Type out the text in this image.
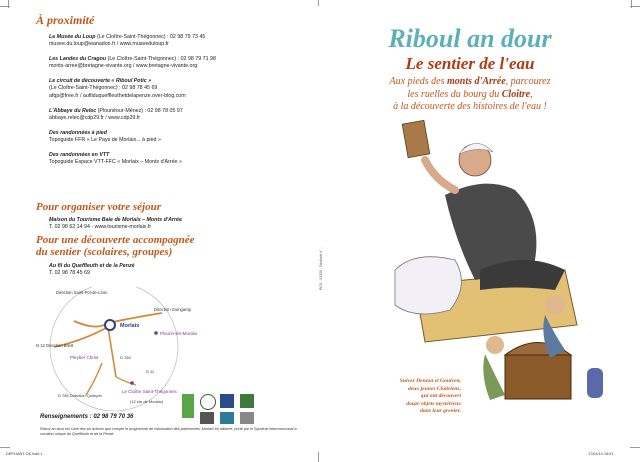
À proximité

Le Musée du Loup (Le Cloître-Saint-Thégonnec) : 02 98 79 73 45
musee.du.loup@wanadoo.fr / www.museeduloup.fr
Les Landes du Cragou (Le Cloître-Saint-Thégonnec) : 02 98 79 71 98
monts-arree@bretagne-vivante.org / www.bretagne-vivante.org
Le circuit de découverte « Riboul Potic »
(Le Cloître-Saint-Thégonnec) : 02 98 78 45 69
afqp@free.fr / aufilduqueffleuthetdelapenze.over-blog.com
L'Abbaye du Relec (Plounéour-Ménez) : 02 98 78 05 97
abbaye.relec@cdp29.fr / www.cdp29.fr
Des randonnées à pied
Topoguide FFR « Le Pays de Morlaix... à pied »
Des randonnées en VTT
Topoguide Espace VTT-FFC « Morlaix – Monts d'Arrée »

Pour organiser votre séjour

Maison du Tourisme Baie de Morlaix – Monts d'Arrée
T. 02 98 62 14 94 - www.tourisme-morlaix.fr

Pour une découverte accompagnée
du sentier (scolaires, groupes)

Au fil du Queffleuth et de la Penzé
T. 02 98 78 45 69
Direction Saint-Pol-de-Léon
Direction Guingamp
N 12 Direction Brest
Morlaix
Plourin-lès-Morlaix
Pleyber Christ	D 769
D 785 Direction Quimper
D 11
Le Cloître Saint-Thégonnec
(12 km de Morlaix)
Renseignements : 02 98 79 70 36
Riboul an dour est l'une des six actions que compte le programme de valorisation des patrimoines, Morlaix en alliance, porté par le Syndicat intercommunal à vocation unique du Queffleuth et de la Penzé
RCS : 24320 · Dépliant n° ...

Riboul an dour

Le sentier de l'eau

Aux pieds des monts d'Arrée, parcourez
les ruelles du bourg du Cloître,
à la découverte des histoires de l'eau !
Suivez Deneza et Goulven,
deux jeunes Cloîtriens,
qui ont découvert
douze objets mystérieux
dans leur grenier.
DEPLIANT-OK.indd 1	17/01/14 16:01
